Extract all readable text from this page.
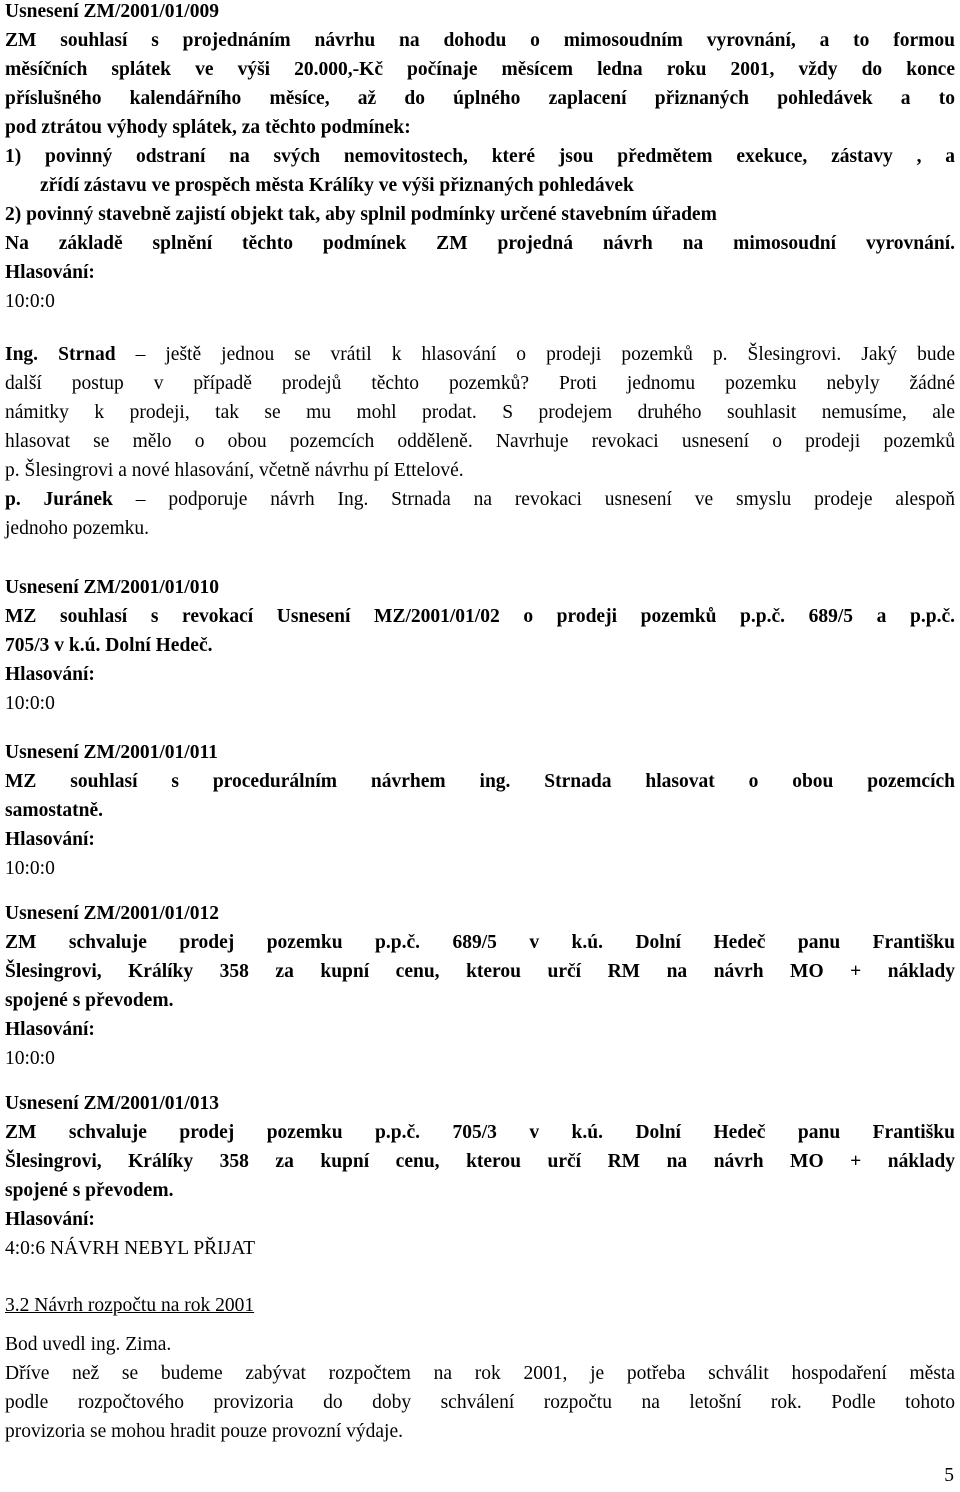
Usnesení ZM/2001/01/009
ZM souhlasí s projednáním návrhu na dohodu o mimosoudním vyrovnání, a to formou
měsíčních splátek ve výši 20.000,-Kč počínaje měsícem ledna roku 2001, vždy do konce
příslušného kalendářního měsíce, až do úplného zaplacení přiznaných pohledávek a to
pod ztrátou výhody splátek, za těchto podmínek:
1) povinný odstraní na svých nemovitostech, které jsou předmětem exekuce, zástavy , a
zřídí zástavu ve prospěch města Králíky ve výši přiznaných pohledávek
2) povinný stavebně zajistí objekt tak, aby splnil podmínky určené stavebním úřadem
Na základě splnění těchto podmínek ZM projedná návrh na mimosoudní vyrovnání.
Hlasování:
10:0:0
Ing. Strnad – ještě jednou se vrátil k hlasování o prodeji pozemků p. Šlesingrovi. Jaký bude
další postup v případě prodejů těchto pozemků? Proti jednomu pozemku nebyly žádné
námitky k prodeji, tak se mu mohl prodat. S prodejem druhého souhlasit nemusíme, ale
hlasovat se mělo o obou pozemcích odděleně. Navrhuje revokaci usnesení o prodeji pozemků
p. Šlesingrovi a nové hlasování, včetně návrhu pí Ettelové.
p. Juránek – podporuje návrh Ing. Strnada na revokaci usnesení ve smyslu prodeje alespoň
jednoho pozemku.
Usnesení ZM/2001/01/010
MZ souhlasí s revokací Usnesení MZ/2001/01/02 o prodeji pozemků p.p.č. 689/5 a p.p.č.
705/3 v k.ú. Dolní Hedeč.
Hlasování:
10:0:0
Usnesení ZM/2001/01/011
MZ souhlasí s procedurálním návrhem ing. Strnada hlasovat o obou pozemcích
samostatně.
Hlasování:
10:0:0
Usnesení ZM/2001/01/012
ZM schvaluje prodej pozemku p.p.č. 689/5 v k.ú. Dolní Hedeč panu Františku
Šlesingrovi, Králíky 358 za kupní cenu, kterou určí RM na návrh MO + náklady
spojené s převodem.
Hlasování:
10:0:0
Usnesení ZM/2001/01/013
ZM schvaluje prodej pozemku p.p.č. 705/3 v k.ú. Dolní Hedeč panu Františku
Šlesingrovi, Králíky 358 za kupní cenu, kterou určí RM na návrh MO + náklady
spojené s převodem.
Hlasování:
4:0:6 NÁVRH NEBYL PŘIJAT
3.2 Návrh rozpočtu na rok 2001
Bod uvedl ing. Zima.
Dříve než se budeme zabývat rozpočtem na rok 2001, je potřeba schválit hospodaření města
podle rozpočtového provizoria do doby schválení rozpočtu na letošní rok. Podle tohoto
provizoria se mohou hradit pouze provozní výdaje.
5
